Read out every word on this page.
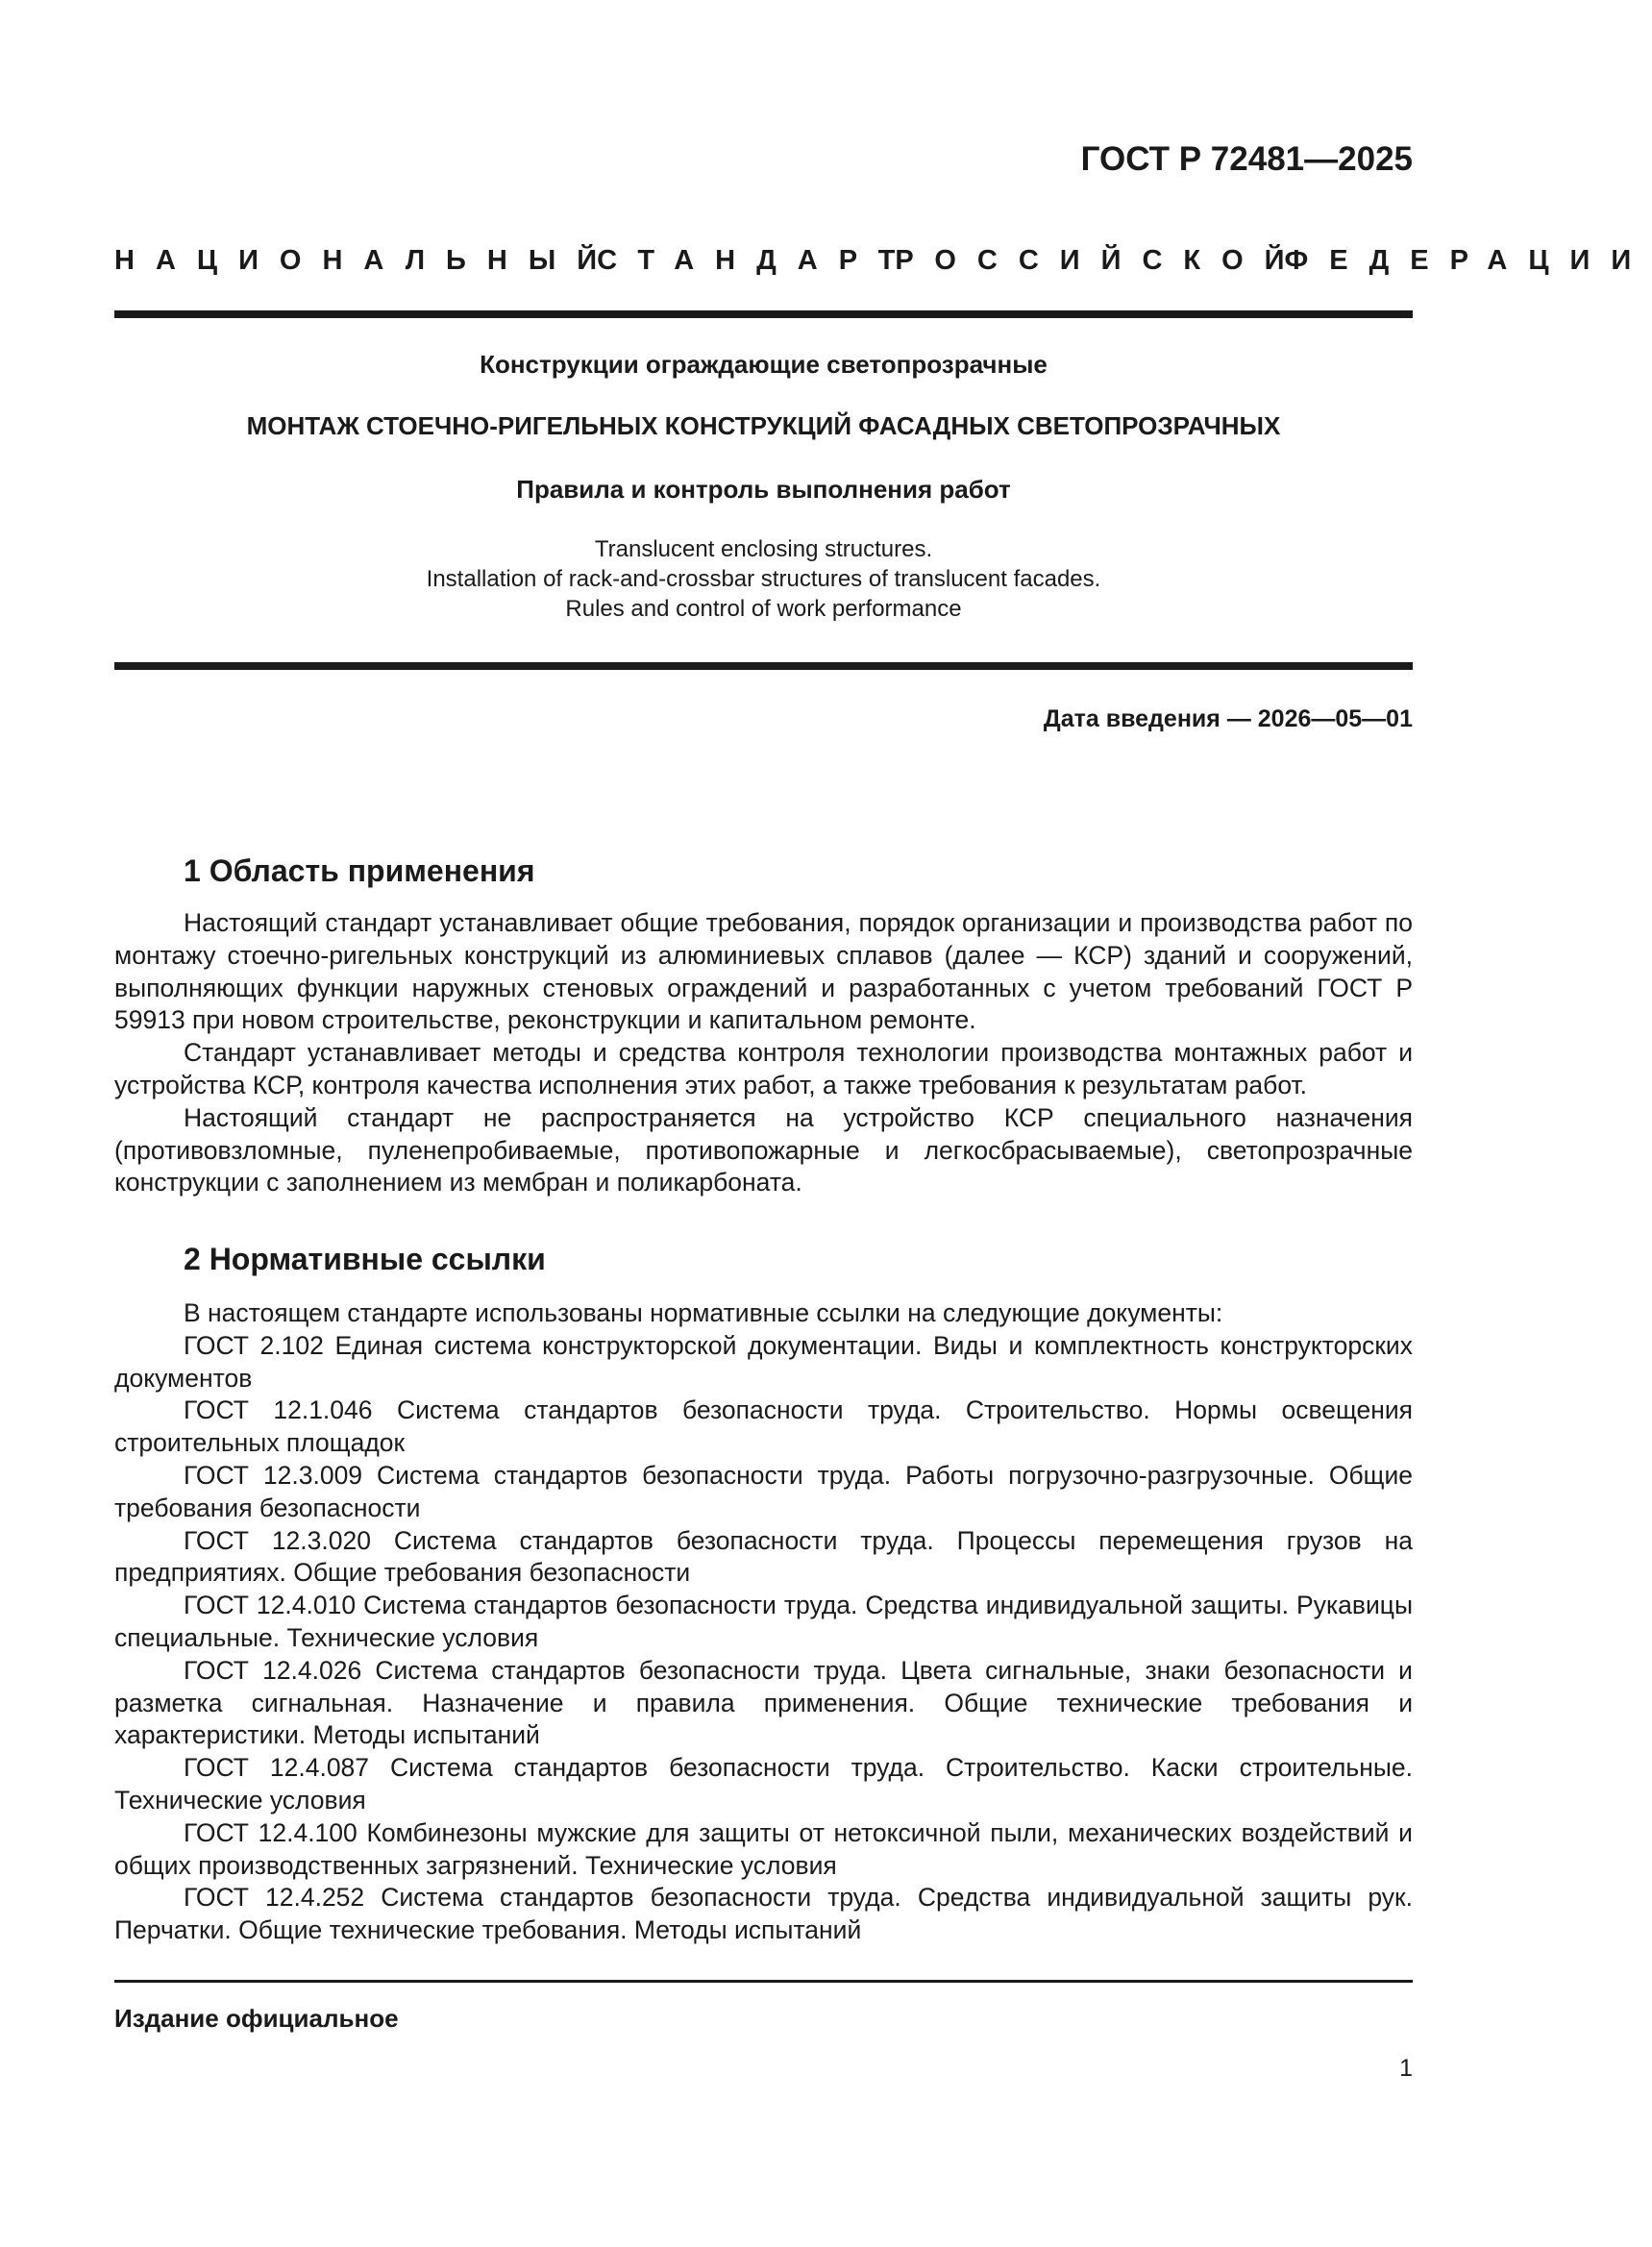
ГОСТ Р 72481—2025
НАЦИОНАЛЬНЫЙ
СТАНДАРТ
РОССИЙСКОЙ
ФЕДЕРАЦИИ
Конструкции ограждающие светопрозрачные
МОНТАЖ СТОЕЧНО-РИГЕЛЬНЫХ КОНСТРУКЦИЙ ФАСАДНЫХ СВЕТОПРОЗРАЧНЫХ
Правила и контроль выполнения работ
Translucent enclosing structures.
Installation of rack-and-crossbar structures of translucent facades.
Rules and control of work performance
Дата введения — 2026—05—01
1 Область применения

Настоящий стандарт устанавливает общие требования, порядок организации и производства работ по монтажу стоечно-ригельных конструкций из алюминиевых сплавов (далее — КСР) зданий и сооружений, выполняющих функции наружных стеновых ограждений и разработанных с учетом требований ГОСТ Р 59913 при новом строительстве, реконструкции и капитальном ремонте.

Стандарт устанавливает методы и средства контроля технологии производства монтажных работ и устройства КСР, контроля качества исполнения этих работ, а также требования к результатам работ.

Настоящий стандарт не распространяется на устройство КСР специального назначения (противовзломные, пуленепробиваемые, противопожарные и легкосбрасываемые), светопрозрачные конструкции с заполнением из мембран и поликарбоната.

2 Нормативные ссылки

В настоящем стандарте использованы нормативные ссылки на следующие документы:

ГОСТ 2.102 Единая система конструкторской документации. Виды и комплектность конструкторских документов

ГОСТ 12.1.046 Система стандартов безопасности труда. Строительство. Нормы освещения строительных площадок

ГОСТ 12.3.009 Система стандартов безопасности труда. Работы погрузочно-разгрузочные. Общие требования безопасности

ГОСТ 12.3.020 Система стандартов безопасности труда. Процессы перемещения грузов на предприятиях. Общие требования безопасности

ГОСТ 12.4.010 Система стандартов безопасности труда. Средства индивидуальной защиты. Рукавицы специальные. Технические условия

ГОСТ 12.4.026 Система стандартов безопасности труда. Цвета сигнальные, знаки безопасности и разметка сигнальная. Назначение и правила применения. Общие технические требования и характеристики. Методы испытаний

ГОСТ 12.4.087 Система стандартов безопасности труда. Строительство. Каски строительные. Технические условия

ГОСТ 12.4.100 Комбинезоны мужские для защиты от нетоксичной пыли, механических воздействий и общих производственных загрязнений. Технические условия

ГОСТ 12.4.252 Система стандартов безопасности труда. Средства индивидуальной защиты рук. Перчатки. Общие технические требования. Методы испытаний

Издание официальное
1
